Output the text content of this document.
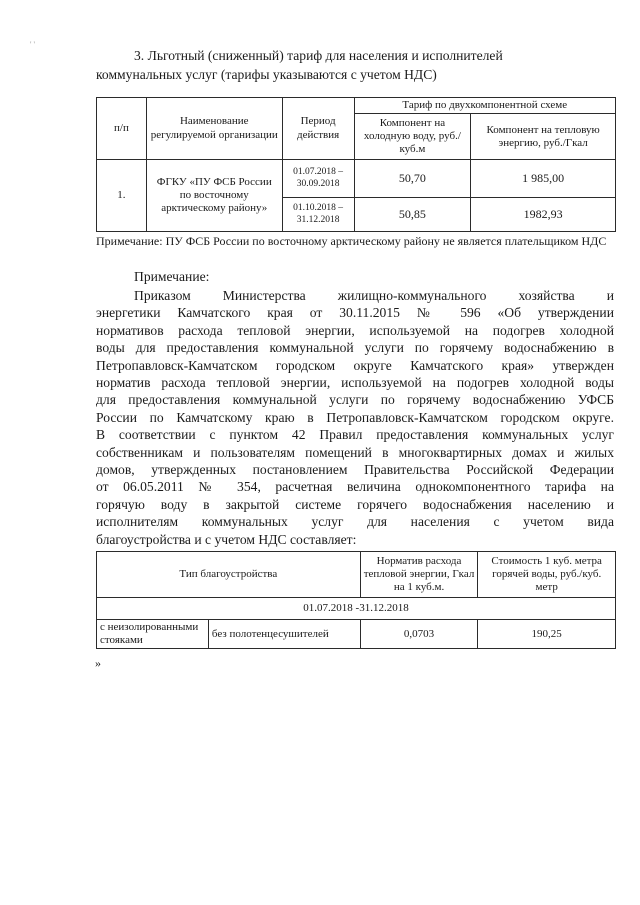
' '
3. Льготный (сниженный) тариф для населения и исполнителей
коммунальных услуг (тарифы указываются с учетом НДС)
п/п	Наименование регулируемой организации	Период действия	Тариф по двухкомпонентной схеме	
			Компонент на холодную воду, руб./куб.м	Компонент на тепловую энергию, руб./Гкал
1.	ФГКУ «ПУ ФСБ России по восточному арктическому району»	01.07.2018 – 30.09.2018	50,70	1 985,00
		01.10.2018 – 31.12.2018	50,85	1982,93
Примечание: ПУ ФСБ России по восточному арктическому району не является плательщиком НДС
Примечание:
Приказом Министерства жилищно-коммунального хозяйства и
энергетики Камчатского края от 30.11.2015 № 596 «Об утверждении
нормативов расхода тепловой энергии, используемой на подогрев холодной
воды для предоставления коммунальной услуги по горячему водоснабжению в
Петропавловск-Камчатском городском округе Камчатского края» утвержден
норматив расхода тепловой энергии, используемой на подогрев холодной воды
для предоставления коммунальной услуги по горячему водоснабжению УФСБ
России по Камчатскому краю в Петропавловск-Камчатском городском округе.
В соответствии с пунктом 42 Правил предоставления коммунальных услуг
собственникам и пользователям помещений в многоквартирных домах и жилых
домов, утвержденных постановлением Правительства Российской Федерации
от 06.05.2011 № 354, расчетная величина однокомпонентного тарифа на
горячую воду в закрытой системе горячего водоснабжения населению и
исполнителям коммунальных услуг для населения с учетом вида
благоустройства и с учетом НДС составляет:
Тип благоустройства		Норматив расхода тепловой энергии, Гкал на 1 куб.м.	Стоимость 1 куб. метра горячей воды, руб./куб. метр
01.07.2018 -31.12.2018			
с неизолированными стояками	без полотенцесушителей	0,0703	190,25
»
